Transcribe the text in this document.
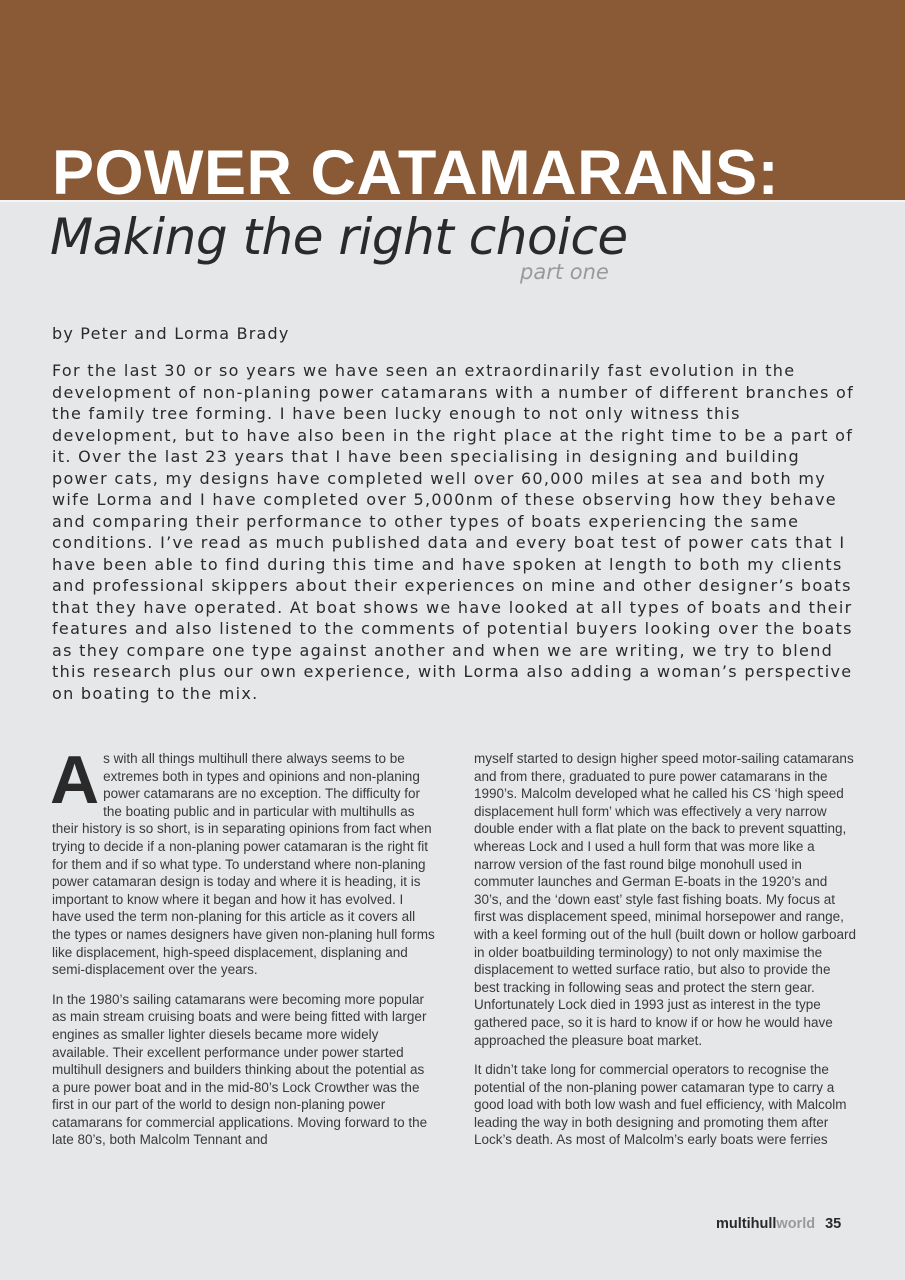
POWER CATAMARANS:
Making the right choice
part one
by Peter and Lorma Brady

For the last 30 or so years we have seen an extraordinarily fast evolution in the development of non-planing power catamarans with a number of different branches of the family tree forming. I have been lucky enough to not only witness this development, but to have also been in the right place at the right time to be a part of it. Over the last 23 years that I have been specialising in designing and building power cats, my designs have completed well over 60,000 miles at sea and both my wife Lorma and I have completed over 5,000nm of these observing how they behave and comparing their performance to other types of boats experiencing the same conditions. I’ve read as much published data and every boat test of power cats that I have been able to find during this time and have spoken at length to both my clients and professional skippers about their experiences on mine and other designer’s boats that they have operated. At boat shows we have looked at all types of boats and their features and also listened to the comments of potential buyers looking over the boats as they compare one type against another and when we are writing, we try to blend this research plus our own experience, with Lorma also adding a woman’s perspective on boating to the mix.

As with all things multihull there always seems to be extremes both in types and opinions and non-planing power catamarans are no exception. The difficulty for the boating public and in particular with multihulls as their history is so short, is in separating opinions from fact when trying to decide if a non-planing power catamaran is the right fit for them and if so what type. To understand where non-planing power catamaran design is today and where it is heading, it is important to know where it began and how it has evolved. I have used the term non-planing for this article as it covers all the types or names designers have given non-planing hull forms like displacement, high-speed displacement, displaning and semi-displacement over the years.

In the 1980’s sailing catamarans were becoming more popular as main stream cruising boats and were being fitted with larger engines as smaller lighter diesels became more widely available. Their excellent performance under power started multihull designers and builders thinking about the potential as a pure power boat and in the mid-80’s Lock Crowther was the first in our part of the world to design non-planing power catamarans for commercial applications. Moving forward to the late 80’s, both Malcolm Tennant and

myself started to design higher speed motor-sailing catamarans and from there, graduated to pure power catamarans in the 1990’s. Malcolm developed what he called his CS ‘high speed displacement hull form’ which was effectively a very narrow double ender with a flat plate on the back to prevent squatting, whereas Lock and I used a hull form that was more like a narrow version of the fast round bilge monohull used in commuter launches and German E-boats in the 1920’s and 30’s, and the ‘down east’ style fast fishing boats. My focus at first was displacement speed, minimal horsepower and range, with a keel forming out of the hull (built down or hollow garboard in older boatbuilding terminology) to not only maximise the displacement to wetted surface ratio, but also to provide the best tracking in following seas and protect the stern gear. Unfortunately Lock died in 1993 just as interest in the type gathered pace, so it is hard to know if or how he would have approached the pleasure boat market.

It didn’t take long for commercial operators to recognise the potential of the non-planing power catamaran type to carry a good load with both low wash and fuel efficiency, with Malcolm leading the way in both designing and promoting them after Lock’s death. As most of Malcolm’s early boats were ferries

multihullworld 35
